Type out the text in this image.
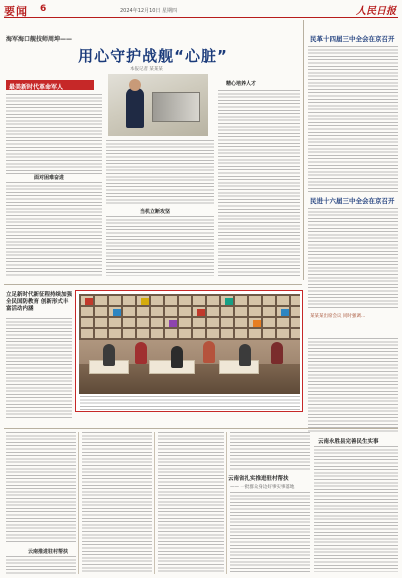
要闻 6	2024年12月10日 星期四	人民日报
海军海口舰技师周坤——
用心守护战舰“心脏”
本报记者 某某某
最美新时代革命军人
面对困难奋进
当机立断攻坚
精心培养人才
民革十四届三中全会在京召开
民进十六届三中全会在京召开
某某某出席会议 同时强调…
立足新时代新征程持续加强全民国防教育 创新形式丰富活动内涵
云南永胜县完善民生实事
云南省扎实推进驻村帮扶
—— 一批群众身边好事实事落地
云南推进驻村帮扶
